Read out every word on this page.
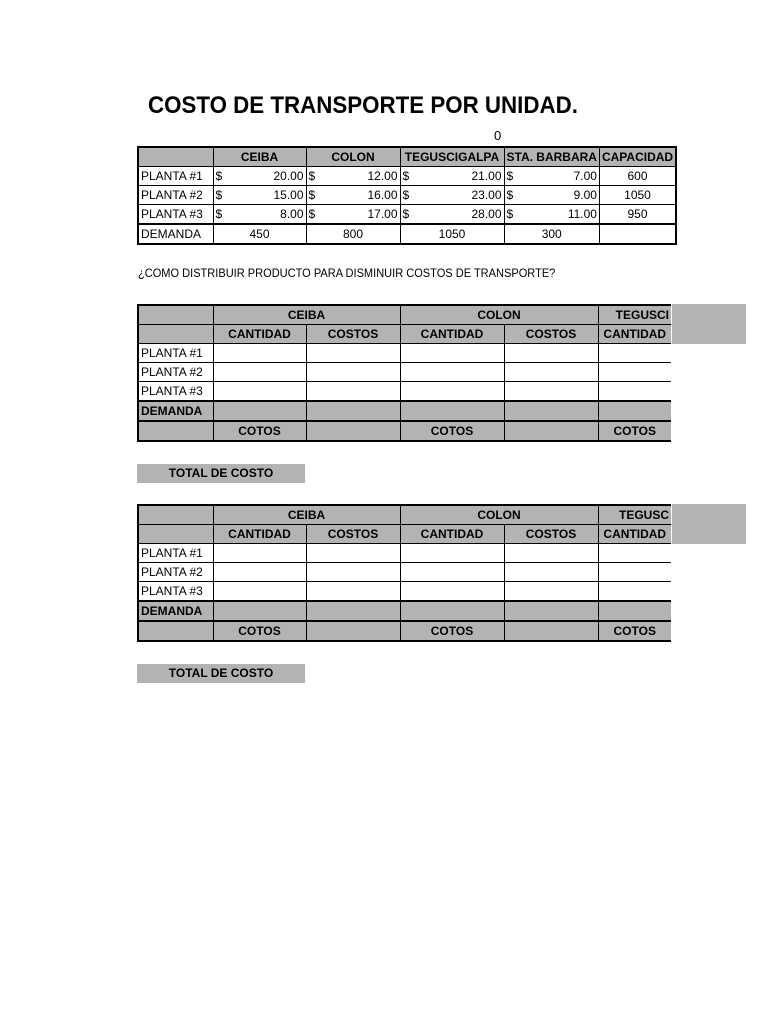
COSTO DE TRANSPORTE POR UNIDAD.
0
	CEIBA	COLON	TEGUSCIGALPA	STA. BARBARA	CAPACIDAD
PLANTA #1	$ 20.00	$ 12.00	$ 21.00	$ 7.00	600
PLANTA #2	$ 15.00	$ 16.00	$ 23.00	$ 9.00	1050
PLANTA #3	$ 8.00	$ 17.00	$ 28.00	$ 11.00	950
DEMANDA	450	800	1050	300	
¿COMO DISTRIBUIR PRODUCTO PARA DISMINUIR COSTOS DE TRANSPORTE?
	CEIBA		COLON		TEGUSCI
	CANTIDAD	COSTOS	CANTIDAD	COSTOS	CANTIDAD
PLANTA #1					
PLANTA #2					
PLANTA #3					
DEMANDA					
	COTOS		COTOS		COTOS
TOTAL DE COSTO
	CEIBA		COLON		TEGUSC
	CANTIDAD	COSTOS	CANTIDAD	COSTOS	CANTIDAD
PLANTA #1					
PLANTA #2					
PLANTA #3					
DEMANDA					
	COTOS		COTOS		COTOS
TOTAL DE COSTO
